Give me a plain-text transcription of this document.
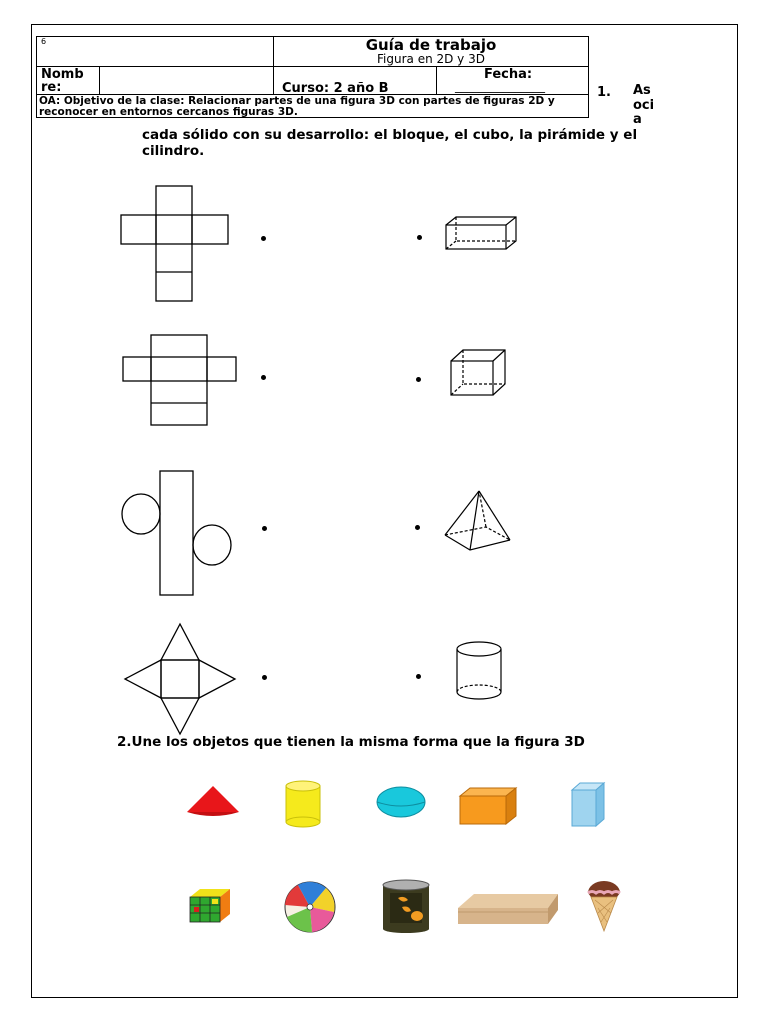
6	Guía de trabajo
Figura en 2D y 3D
Nomb re:	Curso: 2 año B
Fecha:
_______________
OA: Objetivo de la clase: Relacionar partes de una figura 3D con partes de figuras 2D y reconocer en entornos cercanos figuras 3D.
1. As
oci
a
cada sólido con su desarrollo: el bloque, el cubo, la pirámide y el cilindro.
2.Une los objetos que tienen la misma forma que la figura 3D
